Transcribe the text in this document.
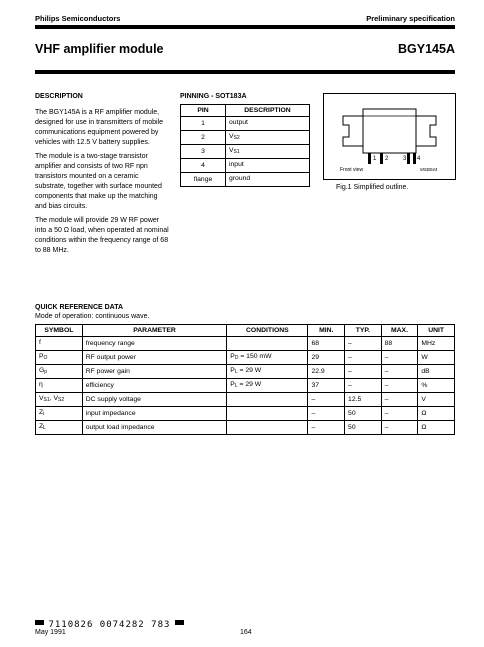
Philips Semiconductors	Preliminary specification
VHF amplifier module	BGY145A
DESCRIPTION

The BGY145A is a RF amplifier module, designed for use in transmitters of mobile communications equipment powered by vehicles with 12.5 V battery supplies.

The module is a two-stage transistor amplifier and consists of two RF npn transistors mounted on a ceramic substrate, together with surface mounted components that make up the matching and bias circuits.

The module will provide 29 W RF power into a 50 Ω load, when operated at nominal conditions within the frequency range of 68 to 88 MHz.

PINNING - SOT183A
PIN	DESCRIPTION
1	output
2	$V_{S2}$
3	$V_{S1}$
4	input
flange	ground
1 2 3 4
Front view	MSB044
Fig.1 Simplified outline.
QUICK REFERENCE DATA
Mode of operation: continuous wave.
SYMBOL	PARAMETER	CONDITIONS	MIN.	TYP.	MAX.	UNIT
f	frequency range		68	–	88	MHz
$P_O$	RF output power	$P_D = 150$ mW	29	–	–	W
$G_p$	RF power gain	$P_L = 29$ W	22.9	–	–	dB
η	efficiency	$P_L = 29$ W	37	–	–	%
$V_{S1}$, $V_{S2}$	DC supply voltage		–	12.5	–	V
$Z_i$	input impedance		–	50	–	Ω
$Z_L$	output load impedance		–	50	–	Ω
7110826 0074282 783
May 1991	164
